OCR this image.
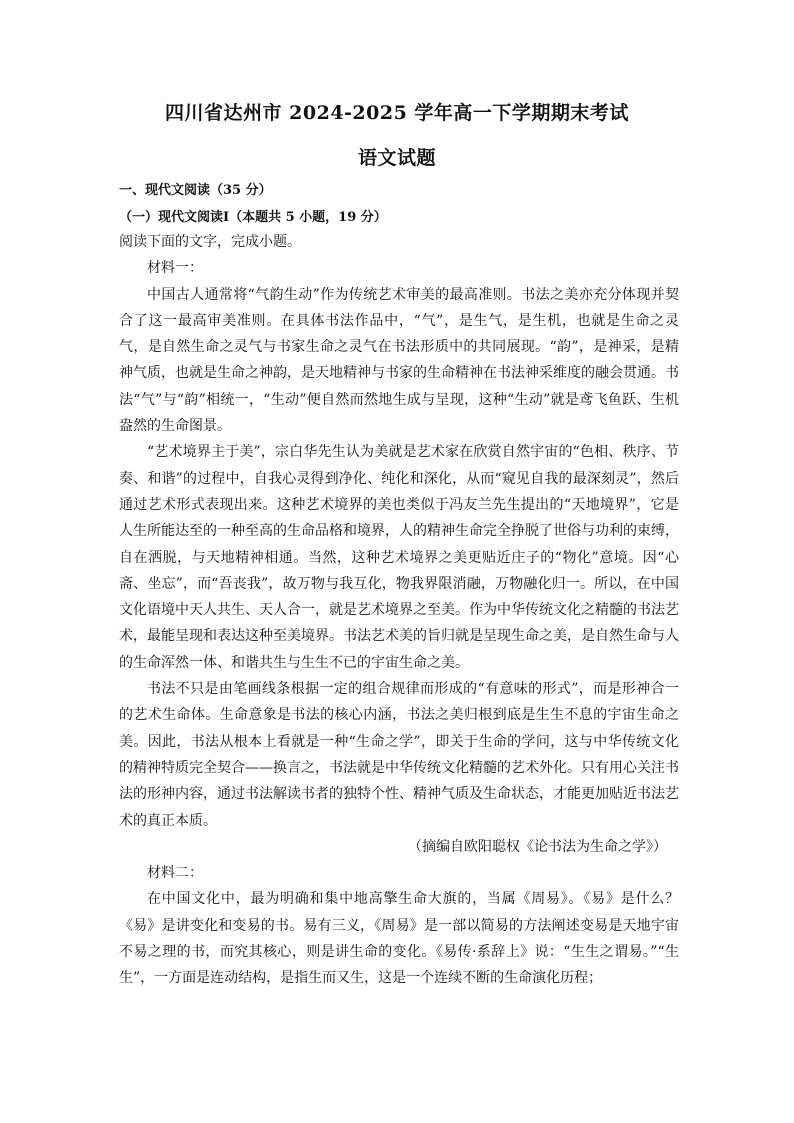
四川省达州市 2024-2025 学年高一下学期期末考试
语文试题
一、现代文阅读（35 分）
（一）现代文阅读Ⅰ（本题共 5 小题，19 分）

阅读下面的文字，完成小题。

材料一：

中国古人通常将“气韵生动”作为传统艺术审美的最高准则。书法之美亦充分体现并契合了这一最高审美准则。在具体书法作品中，“气”，是生气，是生机，也就是生命之灵气，是自然生命之灵气与书家生命之灵气在书法形质中的共同展现。“韵”，是神采，是精神气质，也就是生命之神韵，是天地精神与书家的生命精神在书法神采维度的融会贯通。书法“气”与“韵”相统一，“生动”便自然而然地生成与呈现，这种“生动”就是鸢飞鱼跃、生机盎然的生命图景。

“艺术境界主于美”，宗白华先生认为美就是艺术家在欣赏自然宇宙的“色相、秩序、节奏、和谐”的过程中，自我心灵得到净化、纯化和深化，从而“窥见自我的最深刻灵”，然后通过艺术形式表现出来。这种艺术境界的美也类似于冯友兰先生提出的“天地境界”，它是人生所能达至的一种至高的生命品格和境界，人的精神生命完全挣脱了世俗与功利的束缚，自在洒脱，与天地精神相通。当然，这种艺术境界之美更贴近庄子的“物化”意境。因“心斋、坐忘”，而“吾丧我”，故万物与我互化，物我界限消融，万物融化归一。所以，在中国文化语境中天人共生、天人合一，就是艺术境界之至美。作为中华传统文化之精髓的书法艺术，最能呈现和表达这种至美境界。书法艺术美的旨归就是呈现生命之美，是自然生命与人的生命浑然一体、和谐共生与生生不已的宇宙生命之美。

书法不只是由笔画线条根据一定的组合规律而形成的“有意味的形式”，而是形神合一的艺术生命体。生命意象是书法的核心内涵，书法之美归根到底是生生不息的宇宙生命之美。因此，书法从根本上看就是一种“生命之学”，即关于生命的学问，这与中华传统文化的精神特质完全契合——换言之，书法就是中华传统文化精髓的艺术外化。只有用心关注书法的形神内容，通过书法解读书者的独特个性、精神气质及生命状态，才能更加贴近书法艺术的真正本质。

（摘编自欧阳聪权《论书法为生命之学》）

材料二：

在中国文化中，最为明确和集中地高擎生命大旗的，当属《周易》。《易》是什么？《易》是讲变化和变易的书。易有三义，《周易》是一部以简易的方法阐述变易是天地宇宙不易之理的书，而究其核心，则是讲生命的变化。《易传·系辞上》说：“生生之谓易。”“生生”，一方面是连动结构，是指生而又生，这是一个连续不断的生命演化历程；
